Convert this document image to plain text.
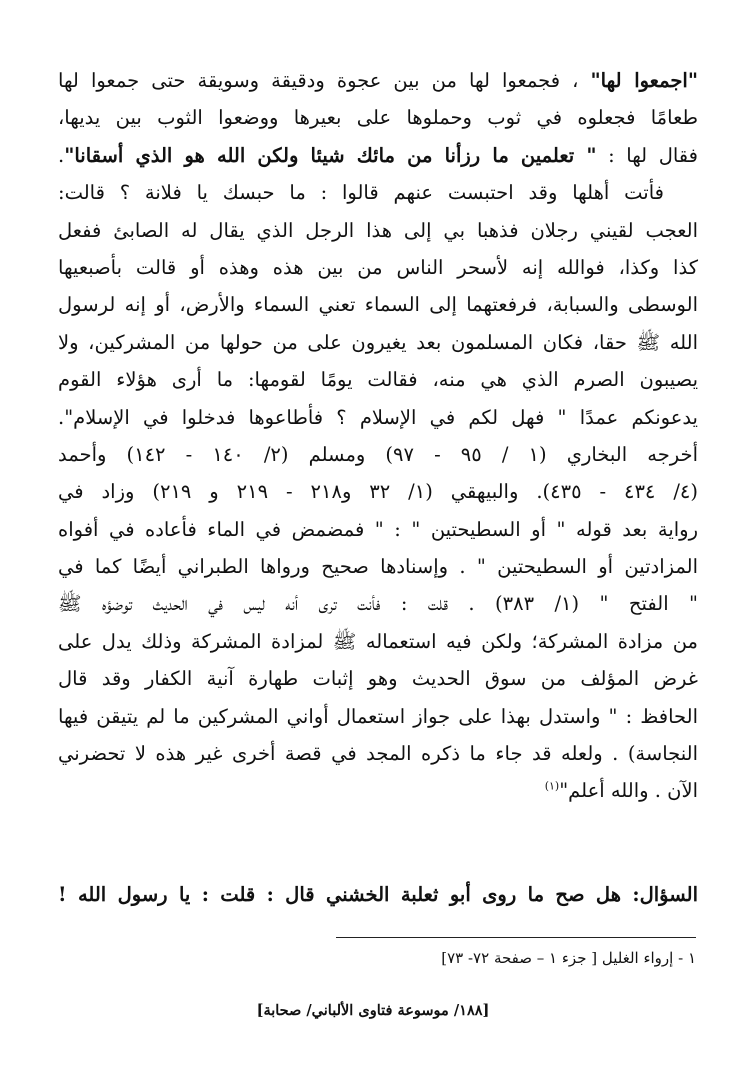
"اجمعوا لها" ، فجمعوا لها من بين عجوة ودقيقة وسويقة حتى جمعوا لها
طعامًا فجعلوه في ثوب وحملوها على بعيرها ووضعوا الثوب بين يديها،
فقال لها : " تعلمين ما رزأنا من مائك شيئا ولكن الله هو الذي أسقانا".
فأتت أهلها وقد احتبست عنهم قالوا : ما حبسك يا فلانة ؟ قالت:
العجب لقيني رجلان فذهبا بي إلى هذا الرجل الذي يقال له الصابئ ففعل
كذا وكذا، فوالله إنه لأسحر الناس من بين هذه وهذه أو قالت بأصبعيها
الوسطى والسبابة، فرفعتهما إلى السماء تعني السماء والأرض، أو إنه لرسول
الله ﷺ حقا، فكان المسلمون بعد يغيرون على من حولها من المشركين، ولا
يصيبون الصرم الذي هي منه، فقالت يومًا لقومها: ما أرى هؤلاء القوم
يدعونكم عمدًا " فهل لكم في الإسلام ؟ فأطاعوها فدخلوا في الإسلام".
أخرجه البخاري (١ / ٩٥ - ٩٧) ومسلم (٢/ ١٤٠ - ١٤٢) وأحمد
(٤/ ٤٣٤ - ٤٣٥). والبيهقي (١/ ٣٢ و٢١٨ - ٢١٩ و ٢١٩) وزاد في
رواية بعد قوله " أو السطيحتين " : " فمضمض في الماء فأعاده في أفواه
المزادتين أو السطيحتين " . وإسنادها صحيح ورواها الطبراني أيضًا كما في
" الفتح " (١/ ٣٨٣) . قلت : فأنت ترى أنه ليس في الحديث توضؤه ﷺ
من مزادة المشركة؛ ولكن فيه استعماله ﷺ لمزادة المشركة وذلك يدل على
غرض المؤلف من سوق الحديث وهو إثبات طهارة آنية الكفار وقد قال
الحافظ : " واستدل بهذا على جواز استعمال أواني المشركين ما لم يتيقن فيها
النجاسة) . ولعله قد جاء ما ذكره المجد في قصة أخرى غير هذه لا تحضرني
الآن . والله أعلم"$^{(١)}$
السؤال: هل صح ما روى أبو ثعلبة الخشني قال : قلت : يا رسول الله !
١ - إرواء الغليل [ جزء ١ – صفحة ٧٢- ٧٣]
[١٨٨/ موسوعة فتاوى الألباني/ صحابة]
